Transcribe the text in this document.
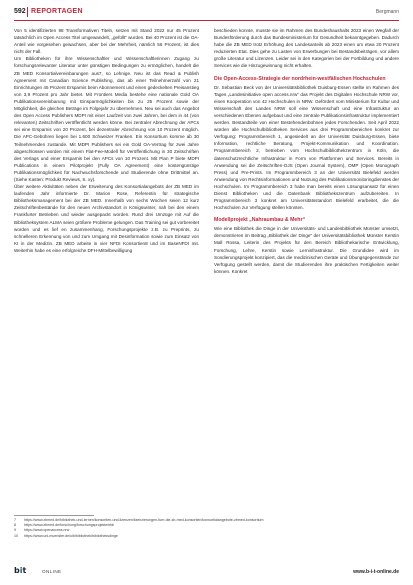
592 REPORTAGEN	Bergmann

Von 5 identifizierten 98 Transformativen Titeln, setzen mit Stand 2022 nur 45 Prozent tatsächlich im Open Access Titel umgewandelt, „gefüllt“ wurden. Bei 40 Prozent ist die OA-Anteil wie vorgesehen gewachsen, aber bei der Mehrheit, nämlich 56 Prozent, ist dies nicht der Fall.

Um Bibliotheken für ihre Wissenschaftler und Wissenschaftlerinnen Zugang zu forschungsrelevanter Literatur unter günstigen Bedingungen zu ermöglichen, handelt die ZB MED Konsortialvereinbarungen aus7, so Lehnige. Neu ist das Read & Publish Agreement mit Canadian Science Publishing, das ab einer Teilnehmerzahl von 21 Einrichtungen 45 Prozent Ersparnis beim Abonnement und einen gedeckelten Preisanstieg von 3,9 Prozent pro Jahr bietet. Mit Frontiers Media bestehe eine nationale Gold OA Publikationsvereinbarung mit Einsparmöglichkeiten bis zu 25 Prozent sowie der Möglichkeit, die gleichen Beträge im Folgejahr zu übernehmen. Neu sei auch das Angebot des Open Access Publishers MDPI mit einer Laufzeit von zwei Jahren, bei dem in 44 (von relevanten) Zeitschriften veröffentlicht werden könne. Bei zentraler Abrechnung der APCs sei eine Ersparnis von 20 Prozent, bei dezentraler Abrechnung von 10 Prozent möglich. Die APC-Gebühren liegen bei 1.600 Schweizer Franken. Ein Konsortium komme ab 30 Teilnehmenden zustande. Mit MDPI Publishers sei ein Gold OA-Vertrag für zwei Jahre abgeschlossen worden mit einem Flat-Fee-Modell für Veröffentlichung in 30 Zeitschriften des Verlags und einer Ersparnis bei den APCs von 10 Prozent. Mit Plan P biete MDPI Publications in einem Pilotprojekt (Fully OA Agreement) eine kostengünstige Publikationsmöglichkeit für Nachwuchsforschende und Studierende ohne Drittmittel an. (Siehe Kasten: Produkt Reviews, S. xy).

Über weitere Aktivitäten neben der Erweiterung des Konsortialangebots der ZB MED im laufenden Jahr informierte Dr. Marion Rose, Referentin für strategische Bibliotheksmanagement bei der ZB MED. Innerhalb von sechs Wochen seien 12 kurz Zeitschriftenbestände für den neuen Archivstandort in Königswinter, nah bei den einem Frankfurter Betrieben und wieder ausgepackt worden. Rund drei Umzüge mit Auf die Bibliotheksystem ALMA seien größere Probleme gelungen. Das Training sei gut vorbereitet worden und es lief en zusammenhang, Forschungsprojekte z.B. zu Preprints, zu schnelleren Erkennung von und zum Umgang mit Desinformation sowie zum Einsatz von KI in der Medizin. ZB MED arbeite in vier NFDI Konsortien8 und im BaseNFDI mit. Weiterhin habe es eine erfolgreiche DFH-Mittelbewilligung

beschieden konnte, musste sie im Rahmen des Bundeshaushalts 2023 einen Wegfall der Bundesförderung durch das Bundesministerium für Gesundheit bekanntgegeben. Dadurch habe die ZB MED trotz Erhöhung des Landesanteils ab 2023 einen um etwa 20 Prozent reduzierten Etat. Dies gehe zu Lasten von Erwerbungen bei Bestandsbeiträgen, vor allem große Literatur und Lizenzen. Leider sei in den Kategorien bei der Fortbildung und andere Services wie die Hinzugewinnung nicht erhalten.

Die Open-Access-Strategie der nordrhein-westfälischen Hochschulen

Dr. Sebastian Beck von der Universitätsbibliothek Duisburg-Essen stellte im Rahmen des Tages „Landesinitiative open access.nrw“ das Projekt des Digitalen Hochschule NRW vor, einen Kooperation von 42 Hochschulen in NRW. Gefördert vom Ministerium für Kultur und Wissenschaft des Landes NRW soll eine Wissenschaft und eine Infrastruktur an verschiedenen Ebenen aufgebaut und eine zentrale Publikationsinfrastruktur implementiert werden. Bestandteile von einer Bestehendenbühnen jedes Forschenden. Seit April 2022 würden alle Hochschulbibliotheken Services aus drei Programmbereichen konkret zur Verfügung: Programmbereich 1, angesiedelt an der Universität Duisburg-Essen, biete Information, rechtliche Beratung, Projekt-Kommunikation und Koordination. Programmbereich 2, betrieben vom Hochschulbibliothekzentrum in Köln, die datenschutzrechtliche Infrastruktur in Form von Plattformen und Services. Bereits in Anwendung sei die Zeitschriften-OJS (Open Journal System), OMP (Open Monograph Press) und Pre-Prints. Im Programmbereich 3 an der Universität Bielefeld werden Anwendung von Rechtsinformationen und Nutzung des Publikationsmonitoringdienstes der Hochschulen. Im Programmbereich 3 habe man bereits einen Lösungsansatz für einen Dienst Bibliotheken und die Datenbank Bibliothekszentrum aufzubereiten. In Programmbereich 3 konkret am Universitätsstandort Bielefeld erarbeitet, die die Hochschulen zur Verfügung stellen könnten.

Modellprojekt „Nahraumbau & Mehr“

Wie eine Bibliothek die Dinge in der Universitäts- und Landesbibliothek Münster umsetzt, demonstrieren im Beitrag „Bibliothek der Dinge“ der Universitätsbibliothek Münster Kerstin Mall Rossa, Leiterin des Projekts für den Bereich Bibliothekarische Entwicklung, Forschung, Lehre, Kerstin sowie Lerninfrastruktur. Die Grundidee wird im Sondierungsprojekt konzipiert, das die medizinischen Geräte und Übungsgegenstände zur Verfügung gestellt werden, damit die Studierenden ihre praktischen Fertigkeiten weiter können. Konkret

7	https://www.zbmed.de/bibliothek-und-lernen/konsortien-und-lizenzen/lizenzierungen-fuer-die-zb-med-konsortien/konsortialangebote-zbmed-konsortium
8	https://www.zbmed.de/forschung/forschungsprojekte/nfdi
9	https://www.openaccess.nrw
10	https://www.uni-muenster.de/ulb/bibliothek/bibliotheksdinge
bit	ONLINE	www.b-i-t-online.de
